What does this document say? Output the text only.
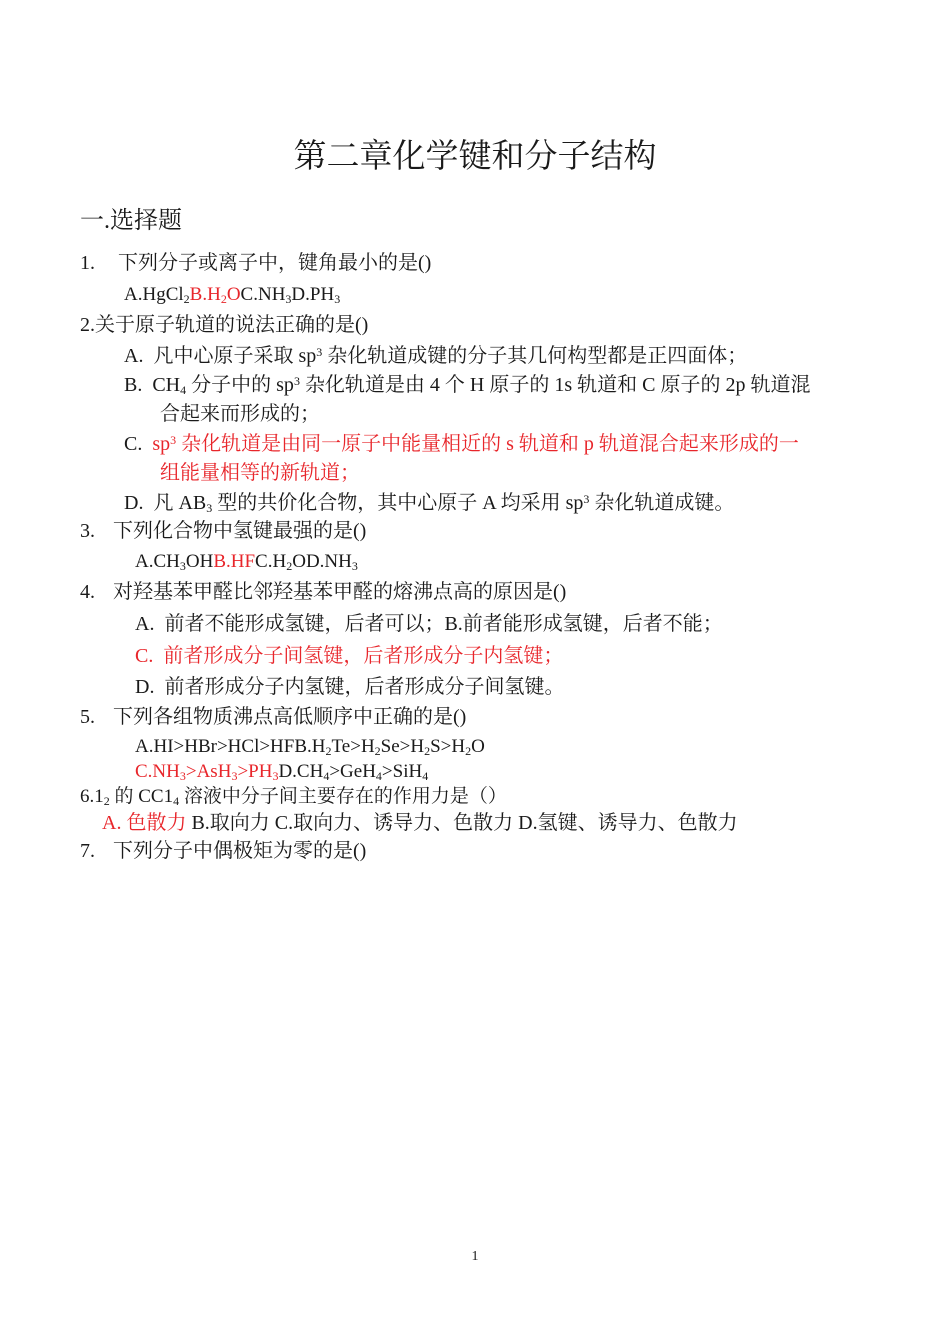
第二章化学键和分子结构
一.选择题
1. 下列分子或离子中，键角最小的是()
$A.HgCl_2B.H_2OC.NH_3D.PH_3$
2.关于原子轨道的说法正确的是()
A. 凡中心原子采取 $sp^3$ 杂化轨道成键的分子其几何构型都是正四面体；
B. $CH_4$ 分子中的 $sp^3$ 杂化轨道是由 4 个 H 原子的 1s 轨道和 C 原子的 2p 轨道混
合起来而形成的；
C. $sp^3$ 杂化轨道是由同一原子中能量相近的 s 轨道和 p 轨道混合起来形成的一
组能量相等的新轨道；
D. 凡 $AB_3$ 型的共价化合物，其中心原子 A 均采用 $sp^3$ 杂化轨道成键。
3. 下列化合物中氢键最强的是()
$A.CH_3OHB.HFC.H_2OD.NH_3$
4. 对羟基苯甲醛比邻羟基苯甲醛的熔沸点高的原因是()
A. 前者不能形成氢键，后者可以；B.前者能形成氢键，后者不能；
C. 前者形成分子间氢键，后者形成分子内氢键；
D. 前者形成分子内氢键，后者形成分子间氢键。
5. 下列各组物质沸点高低顺序中正确的是()
$A.HI>HBr>HCl>HFB.H_2Te>H_2Se>H_2S>H_2O$
$C.NH_3>AsH_3>PH_3D.CH_4>GeH_4>SiH_4$
$6.1_2$ 的 $CC1_4$ 溶液中分子间主要存在的作用力是（）
A. 色散力 B.取向力 C.取向力、诱导力、色散力 D.氢键、诱导力、色散力
7. 下列分子中偶极矩为零的是()
1
